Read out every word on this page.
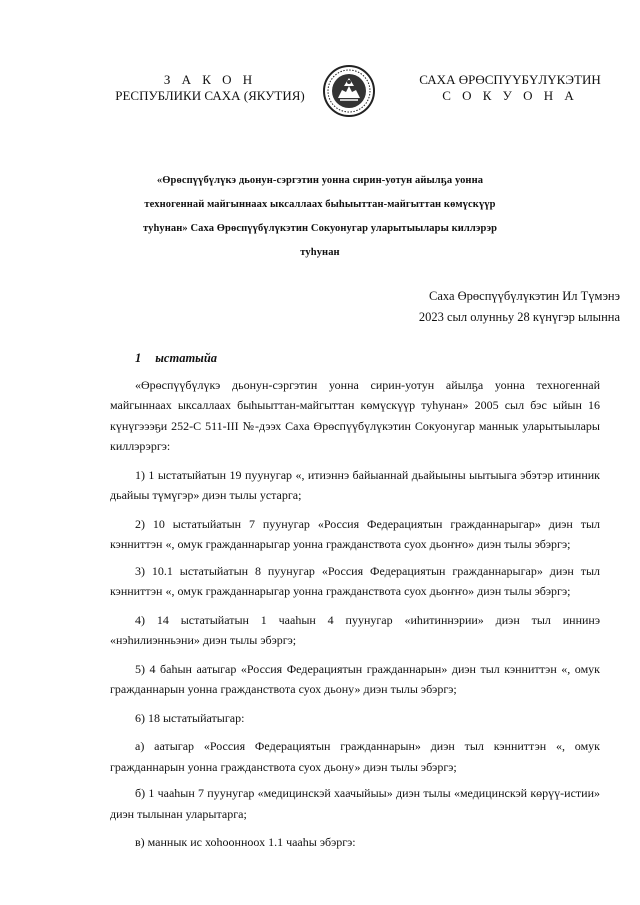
З А К О Н
РЕСПУБЛИКИ САХА (ЯКУТИЯ)
САХА ӨРӨСПҮҮБҮЛҮКЭТИН
С О К У О Н А
«Өрөспүүбүлүкэ дьонун-сэргэтин уонна сирин-уотун айылҕа уонна
техногеннай майгыннаах ыксаллаах быһыыттан-майгыттан көмүскүүр
туһунан» Саха Өрөспүүбүлүкэтин Сокуонугар уларытыылары киллэрэр
туһунан
Саха Өрөспүүбүлүкэтин Ил Түмэнэ
2023 сыл олунньу 28 күнүгэр ылынна
1 ыстатыйа

«Өрөспүүбүлүкэ дьонун-сэргэтин уонна сирин-уотун айылҕа уонна техногеннай майгыннаах ыксаллаах быһыыттан-майгыттан көмүскүүр туһунан» 2005 сыл бэс ыйын 16 күнүгэээҕи 252-С 511-III №-дээх Саха Өрөспүүбүлүкэтин Сокуонугар маннык уларытыылары киллэрэргэ:

1) 1 ыстатыйатын 19 пуунугар «, итиэннэ байыаннай дьайыыны ыытыыга эбэтэр итинник дьайыы түмүгэр» диэн тылы устарга;

2) 10 ыстатыйатын 7 пуунугар «Россия Федерациятын гражданнарыгар» диэн тыл кэнниттэн «, омук гражданнарыгар уонна гражданствота суох дьоҥҥо» диэн тылы эбэргэ;

3) 10.1 ыстатыйатын 8 пуунугар «Россия Федерациятын гражданнарыгар» диэн тыл кэнниттэн «, омук гражданнарыгар уонна гражданствота суох дьоҥҥо» диэн тылы эбэргэ;

4) 14 ыстатыйатын 1 чааһын 4 пуунугар «иһитиннэрии» диэн тыл иннинэ «нэһилиэнньэни» диэн тылы эбэргэ;

5) 4 баһын аатыгар «Россия Федерациятын гражданнарын» диэн тыл кэнниттэн «, омук гражданнарын уонна гражданствота суох дьону» диэн тылы эбэргэ;

6) 18 ыстатыйатыгар:

а) аатыгар «Россия Федерациятын гражданнарын» диэн тыл кэнниттэн «, омук гражданнарын уонна гражданствота суох дьону» диэн тылы эбэргэ;

б) 1 чааһын 7 пуунугар «медицинскэй хаачыйыы» диэн тылы «медицинскэй көрүү-истии» диэн тылынан уларытарга;

в) маннык ис хоһоонноох 1.1 чааһы эбэргэ:
